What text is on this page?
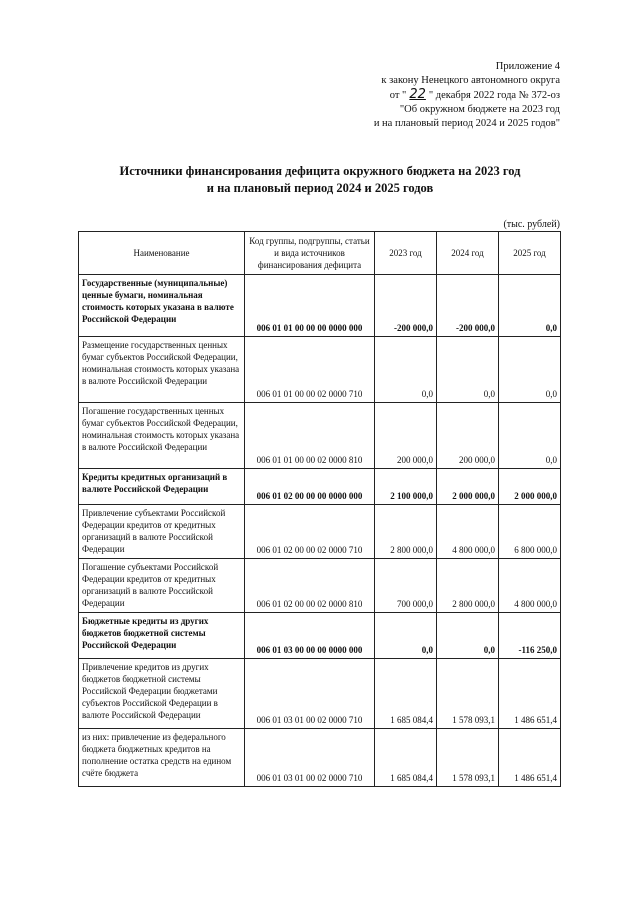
Приложение 4
к закону Ненецкого автономного округа
от " 22 " декабря 2022 года № 372-оз
"Об окружном бюджете на 2023 год
и на плановый период 2024 и 2025 годов"
Источники финансирования дефицита окружного бюджета на 2023 год
и на плановый период 2024 и 2025 годов
(тыс. рублей)
Наименование	Код группы, подгруппы, статьи и вида источников финансирования дефицита	2023 год	2024 год	2025 год
Государственные (муниципальные) ценные бумаги, номинальная стоимость которых указана в валюте Российской Федерации	006 01 01 00 00 00 0000 000	-200 000,0	-200 000,0	0,0
Размещение государственных ценных бумаг субъектов Российской Федерации, номинальная стоимость которых указана в валюте Российской Федерации	006 01 01 00 00 02 0000 710	0,0	0,0	0,0
Погашение государственных ценных бумаг субъектов Российской Федерации, номинальная стоимость которых указана в валюте Российской Федерации	006 01 01 00 00 02 0000 810	200 000,0	200 000,0	0,0
Кредиты кредитных организаций в валюте Российской Федерации	006 01 02 00 00 00 0000 000	2 100 000,0	2 000 000,0	2 000 000,0
Привлечение субъектами Российской Федерации кредитов от кредитных организаций в валюте Российской Федерации	006 01 02 00 00 02 0000 710	2 800 000,0	4 800 000,0	6 800 000,0
Погашение субъектами Российской Федерации кредитов от кредитных организаций в валюте Российской Федерации	006 01 02 00 00 02 0000 810	700 000,0	2 800 000,0	4 800 000,0
Бюджетные кредиты из других бюджетов бюджетной системы Российской Федерации	006 01 03 00 00 00 0000 000	0,0	0,0	-116 250,0
Привлечение кредитов из других бюджетов бюджетной системы Российской Федерации бюджетами субъектов Российской Федерации в валюте Российской Федерации	006 01 03 01 00 02 0000 710	1 685 084,4	1 578 093,1	1 486 651,4
из них: привлечение из федерального бюджета бюджетных кредитов на пополнение остатка средств на едином счёте бюджета	006 01 03 01 00 02 0000 710	1 685 084,4	1 578 093,1	1 486 651,4
